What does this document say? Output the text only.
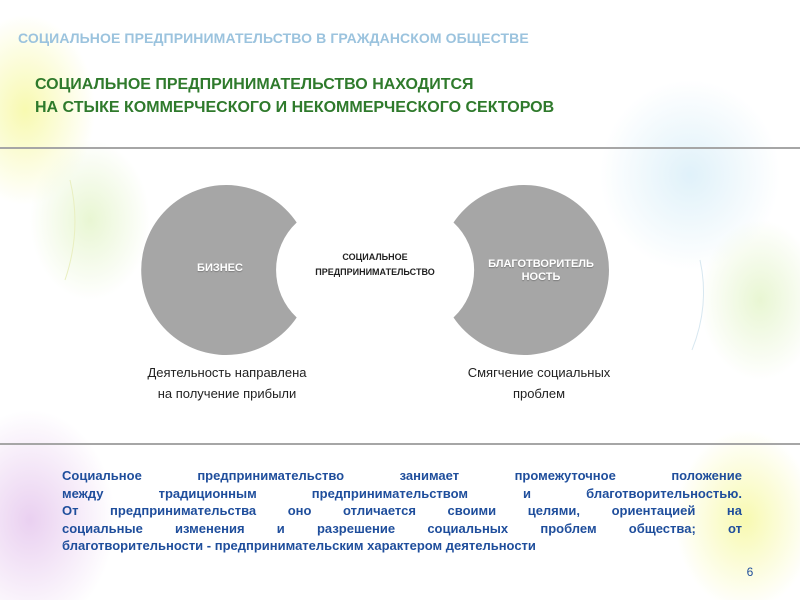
СОЦИАЛЬНОЕ ПРЕДПРИНИМАТЕЛЬСТВО В ГРАЖДАНСКОМ ОБЩЕСТВЕ
СОЦИАЛЬНОЕ ПРЕДПРИНИМАТЕЛЬСТВО НАХОДИТСЯ
НА СТЫКЕ КОММЕРЧЕСКОГО И НЕКОММЕРЧЕСКОГО СЕКТОРОВ
БИЗНЕС
СОЦИАЛЬНОЕ
ПРЕДПРИНИМАТЕЛЬСТВО
БЛАГОТВОРИТЕЛЬ
НОСТЬ
Деятельность направлена
на получение прибыли
Смягчение социальных
проблем
Социальное предпринимательство занимает промежуточное положение
между традиционным предпринимательством и благотворительностью.
От предпринимательства оно отличается своими целями, ориентацией на
социальные изменения и разрешение социальных проблем общества; от
благотворительности - предпринимательским характером деятельности
6
